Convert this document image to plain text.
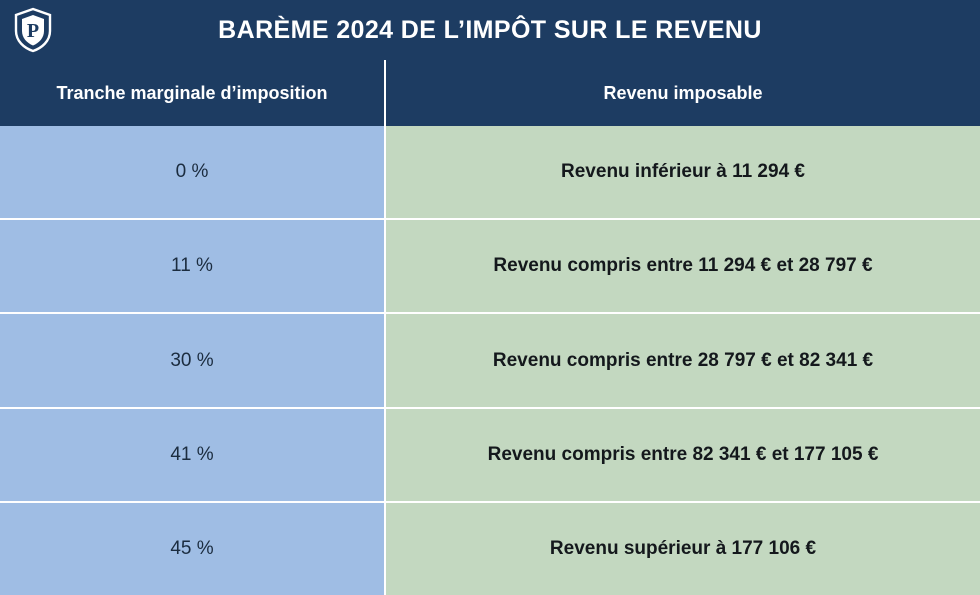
P	BARÈME 2024 DE L’IMPÔT SUR LE REVENU
Tranche marginale d’imposition	Revenu imposable
0 %	Revenu inférieur à 11 294 €
11 %	Revenu compris entre 11 294 € et 28 797 €
30 %	Revenu compris entre 28 797 € et 82 341 €
41 %	Revenu compris entre 82 341 € et 177 105 €
45 %	Revenu supérieur à 177 106 €
